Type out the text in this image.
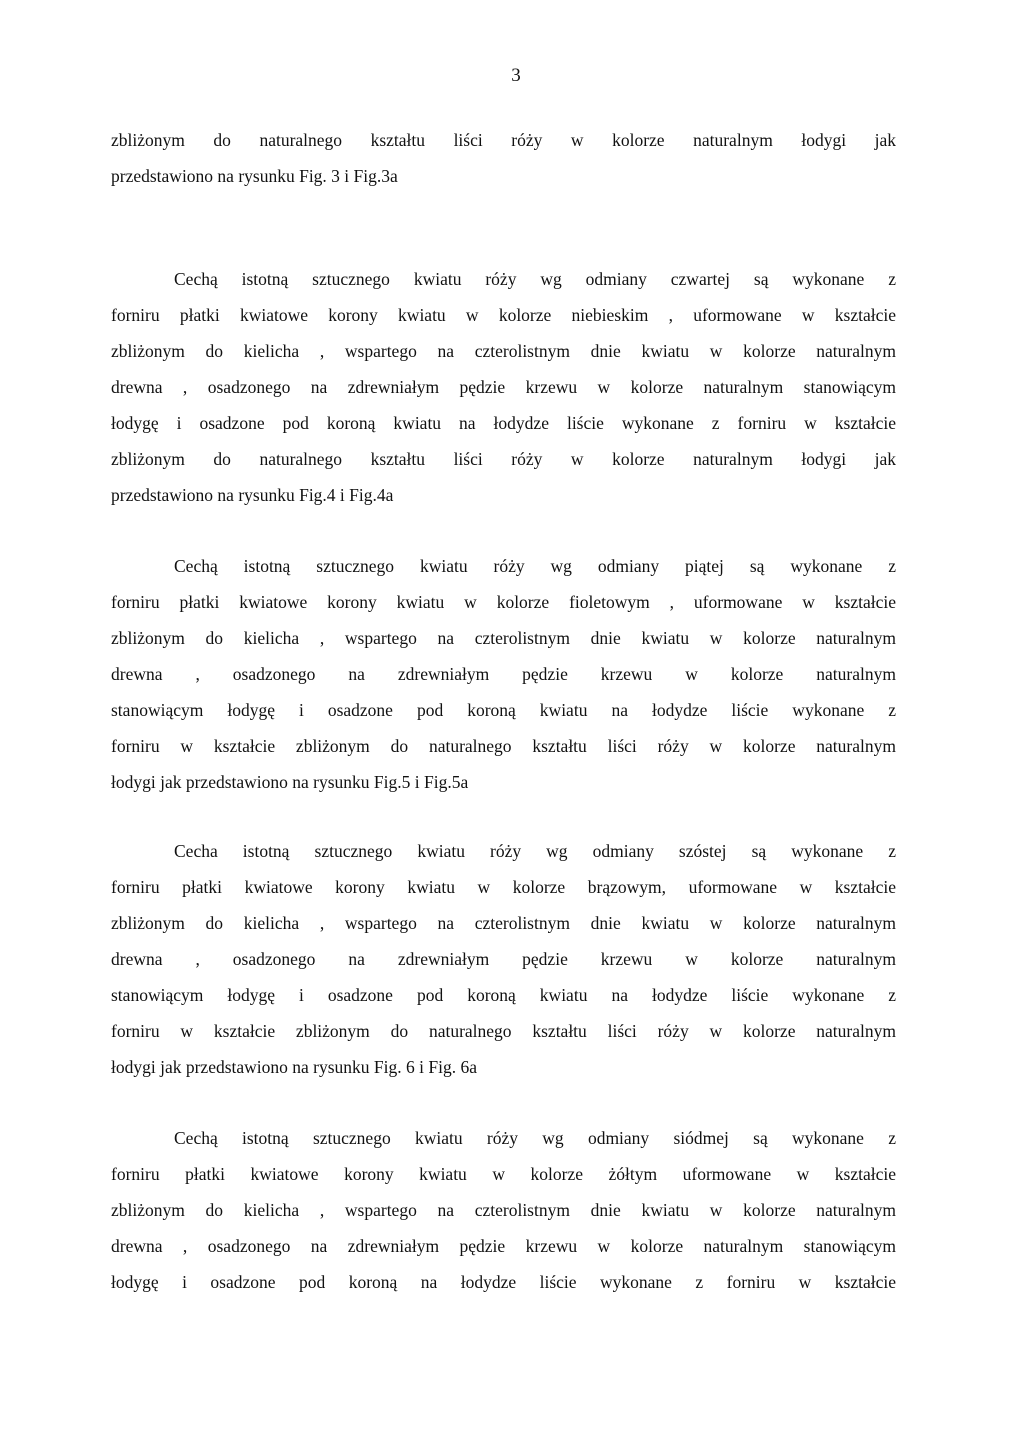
3
zbliżonym do naturalnego kształtu liści róży w kolorze naturalnym łodygi jak
przedstawiono na rysunku Fig. 3 i Fig.3a
Cechą istotną sztucznego kwiatu róży wg odmiany czwartej są wykonane z
forniru płatki kwiatowe korony kwiatu w kolorze niebieskim , uformowane w kształcie
zbliżonym do kielicha , wspartego na czterolistnym dnie kwiatu w kolorze naturalnym
drewna , osadzonego na zdrewniałym pędzie krzewu w kolorze naturalnym stanowiącym
łodygę i osadzone pod koroną kwiatu na łodydze liście wykonane z forniru w kształcie
zbliżonym do naturalnego kształtu liści róży w kolorze naturalnym łodygi jak
przedstawiono na rysunku Fig.4 i Fig.4a
Cechą istotną sztucznego kwiatu róży wg odmiany piątej są wykonane z
forniru płatki kwiatowe korony kwiatu w kolorze fioletowym , uformowane w kształcie
zbliżonym do kielicha , wspartego na czterolistnym dnie kwiatu w kolorze naturalnym
drewna , osadzonego na zdrewniałym pędzie krzewu w kolorze naturalnym
stanowiącym łodygę i osadzone pod koroną kwiatu na łodydze liście wykonane z
forniru w kształcie zbliżonym do naturalnego kształtu liści róży w kolorze naturalnym
łodygi jak przedstawiono na rysunku Fig.5 i Fig.5a
Cecha istotną sztucznego kwiatu róży wg odmiany szóstej są wykonane z
forniru płatki kwiatowe korony kwiatu w kolorze brązowym, uformowane w kształcie
zbliżonym do kielicha , wspartego na czterolistnym dnie kwiatu w kolorze naturalnym
drewna , osadzonego na zdrewniałym pędzie krzewu w kolorze naturalnym
stanowiącym łodygę i osadzone pod koroną kwiatu na łodydze liście wykonane z
forniru w kształcie zbliżonym do naturalnego kształtu liści róży w kolorze naturalnym
łodygi jak przedstawiono na rysunku Fig. 6 i Fig. 6a
Cechą istotną sztucznego kwiatu róży wg odmiany siódmej są wykonane z
forniru płatki kwiatowe korony kwiatu w kolorze żółtym uformowane w kształcie
zbliżonym do kielicha , wspartego na czterolistnym dnie kwiatu w kolorze naturalnym
drewna , osadzonego na zdrewniałym pędzie krzewu w kolorze naturalnym stanowiącym
łodygę i osadzone pod koroną na łodydze liście wykonane z forniru w kształcie
